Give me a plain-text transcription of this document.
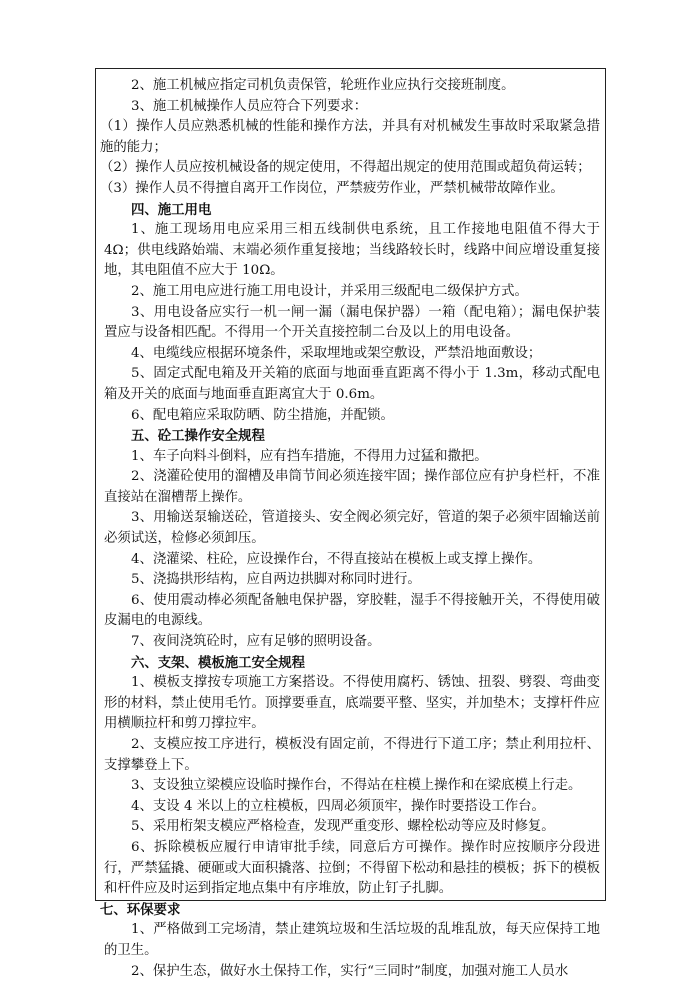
2、施工机械应指定司机负责保管，轮班作业应执行交接班制度。

3、施工机械操作人员应符合下列要求：

（1）操作人员应熟悉机械的性能和操作方法，并具有对机械发生事故时采取紧急措施的能力；

（2）操作人员应按机械设备的规定使用，不得超出规定的使用范围或超负荷运转；

（3）操作人员不得擅自离开工作岗位，严禁疲劳作业，严禁机械带故障作业。

四、施工用电

1、施工现场用电应采用三相五线制供电系统，且工作接地电阻值不得大于 4Ω；供电线路始端、末端必须作重复接地；当线路较长时，线路中间应增设重复接地，其电阻值不应大于 10Ω。

2、施工用电应进行施工用电设计，并采用三级配电二级保护方式。

3、用电设备应实行一机一闸一漏（漏电保护器）一箱（配电箱）；漏电保护装置应与设备相匹配。不得用一个开关直接控制二台及以上的用电设备。

4、电缆线应根据环境条件，采取埋地或架空敷设，严禁沿地面敷设；

5、固定式配电箱及开关箱的底面与地面垂直距离不得小于 1.3m，移动式配电箱及开关的底面与地面垂直距离宜大于 0.6m。

6、配电箱应采取防晒、防尘措施，并配锁。

五、砼工操作安全规程

1、车子向料斗倒料，应有挡车措施，不得用力过猛和撒把。

2、浇灌砼使用的溜槽及串筒节间必须连接牢固；操作部位应有护身栏杆，不准直接站在溜槽帮上操作。

3、用输送泵输送砼，管道接头、安全阀必须完好，管道的架子必须牢固输送前必须试送，检修必须卸压。

4、浇灌梁、柱砼，应设操作台，不得直接站在模板上或支撑上操作。

5、浇捣拱形结构，应自两边拱脚对称同时进行。

6、使用震动棒必须配备触电保护器，穿胶鞋，湿手不得接触开关，不得使用破皮漏电的电源线。

7、夜间浇筑砼时，应有足够的照明设备。

六、支架、模板施工安全规程

1、模板支撑按专项施工方案搭设。不得使用腐朽、锈蚀、扭裂、劈裂、弯曲变形的材料，禁止使用毛竹。顶撑要垂直，底端要平整、坚实，并加垫木；支撑杆件应用横顺拉杆和剪刀撑拉牢。

2、支模应按工序进行，模板没有固定前，不得进行下道工序；禁止利用拉杆、支撑攀登上下。

3、支设独立梁模应设临时操作台，不得站在柱模上操作和在梁底模上行走。

4、支设 4 米以上的立柱模板，四周必须顶牢，操作时要搭设工作台。

5、采用桁架支模应严格检查，发现严重变形、螺栓松动等应及时修复。

6、拆除模板应履行申请审批手续，同意后方可操作。操作时应按顺序分段进行，严禁猛撬、硬砸或大面积撬落、拉倒；不得留下松动和悬挂的模板；拆下的模板和杆件应及时运到指定地点集中有序堆放，防止钉子扎脚。

七、环保要求

1、严格做到工完场清，禁止建筑垃圾和生活垃圾的乱堆乱放，每天应保持工地的卫生。

2、保护生态，做好水土保持工作，实行“三同时”制度，加强对施工人员水
